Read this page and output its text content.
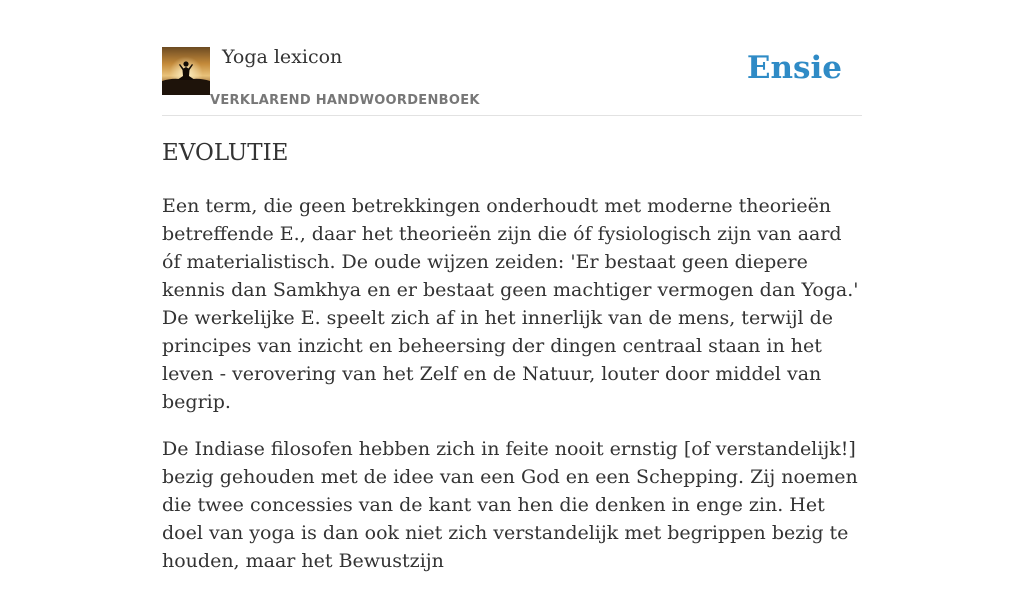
Yoga lexicon
VERKLAREND HANDWOORDENBOEK
Ensie
EVOLUTIE

Een term, die geen betrekkingen onderhoudt met moderne theorieën betreffende E., daar het theorieën zijn die óf fysiologisch zijn van aard óf materialistisch. De oude wijzen zeiden: 'Er bestaat geen diepere kennis dan Samkhya en er bestaat geen machtiger vermogen dan Yoga.' De werkelijke E. speelt zich af in het innerlijk van de mens, terwijl de principes van inzicht en beheersing der dingen centraal staan in het leven - verovering van het Zelf en de Natuur, louter door middel van begrip.

De Indiase filosofen hebben zich in feite nooit ernstig [of verstandelijk!] bezig gehouden met de idee van een God en een Schepping. Zij noemen die twee concessies van de kant van hen die denken in enge zin. Het doel van yoga is dan ook niet zich verstandelijk met begrippen bezig te houden, maar het Bewustzijn
